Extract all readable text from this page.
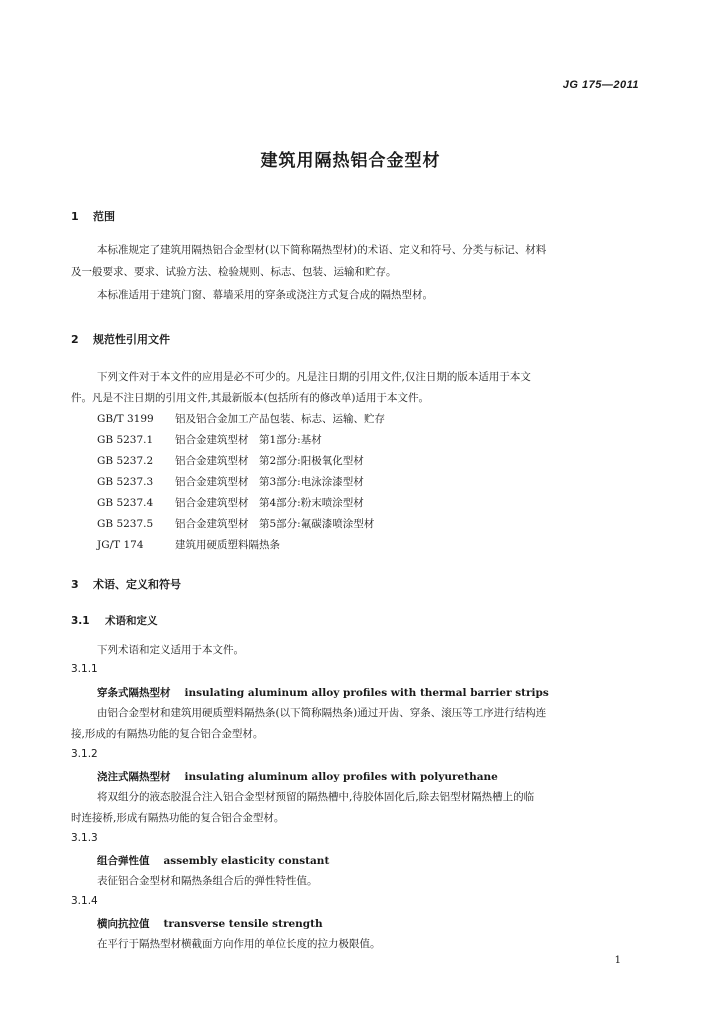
JG 175—2011
建筑用隔热铝合金型材
1 范围
本标准规定了建筑用隔热铝合金型材(以下简称隔热型材)的术语、定义和符号、分类与标记、材料
及一般要求、要求、试验方法、检验规则、标志、包装、运输和贮存。
本标准适用于建筑门窗、幕墙采用的穿条或浇注方式复合成的隔热型材。
2 规范性引用文件
下列文件对于本文件的应用是必不可少的。凡是注日期的引用文件,仅注日期的版本适用于本文
件。凡是不注日期的引用文件,其最新版本(包括所有的修改单)适用于本文件。
GB/T 3199 铝及铝合金加工产品包装、标志、运输、贮存
GB 5237.1 铝合金建筑型材　第1部分:基材
GB 5237.2 铝合金建筑型材　第2部分:阳极氧化型材
GB 5237.3 铝合金建筑型材　第3部分:电泳涂漆型材
GB 5237.4 铝合金建筑型材　第4部分:粉末喷涂型材
GB 5237.5 铝合金建筑型材　第5部分:氟碳漆喷涂型材
JG/T 174	建筑用硬质塑料隔热条
3 术语、定义和符号
3.1 术语和定义
下列术语和定义适用于本文件。
3.1.1
穿条式隔热型材 insulating aluminum alloy profiles with thermal barrier strips
由铝合金型材和建筑用硬质塑料隔热条(以下简称隔热条)通过开齿、穿条、滚压等工序进行结构连
接,形成的有隔热功能的复合铝合金型材。
3.1.2
浇注式隔热型材 insulating aluminum alloy profiles with polyurethane
将双组分的液态胶混合注入铝合金型材预留的隔热槽中,待胶体固化后,除去铝型材隔热槽上的临
时连接桥,形成有隔热功能的复合铝合金型材。
3.1.3
组合弹性值 assembly elasticity constant
表征铝合金型材和隔热条组合后的弹性特性值。
3.1.4
横向抗拉值 transverse tensile strength
在平行于隔热型材横截面方向作用的单位长度的拉力极限值。
1
